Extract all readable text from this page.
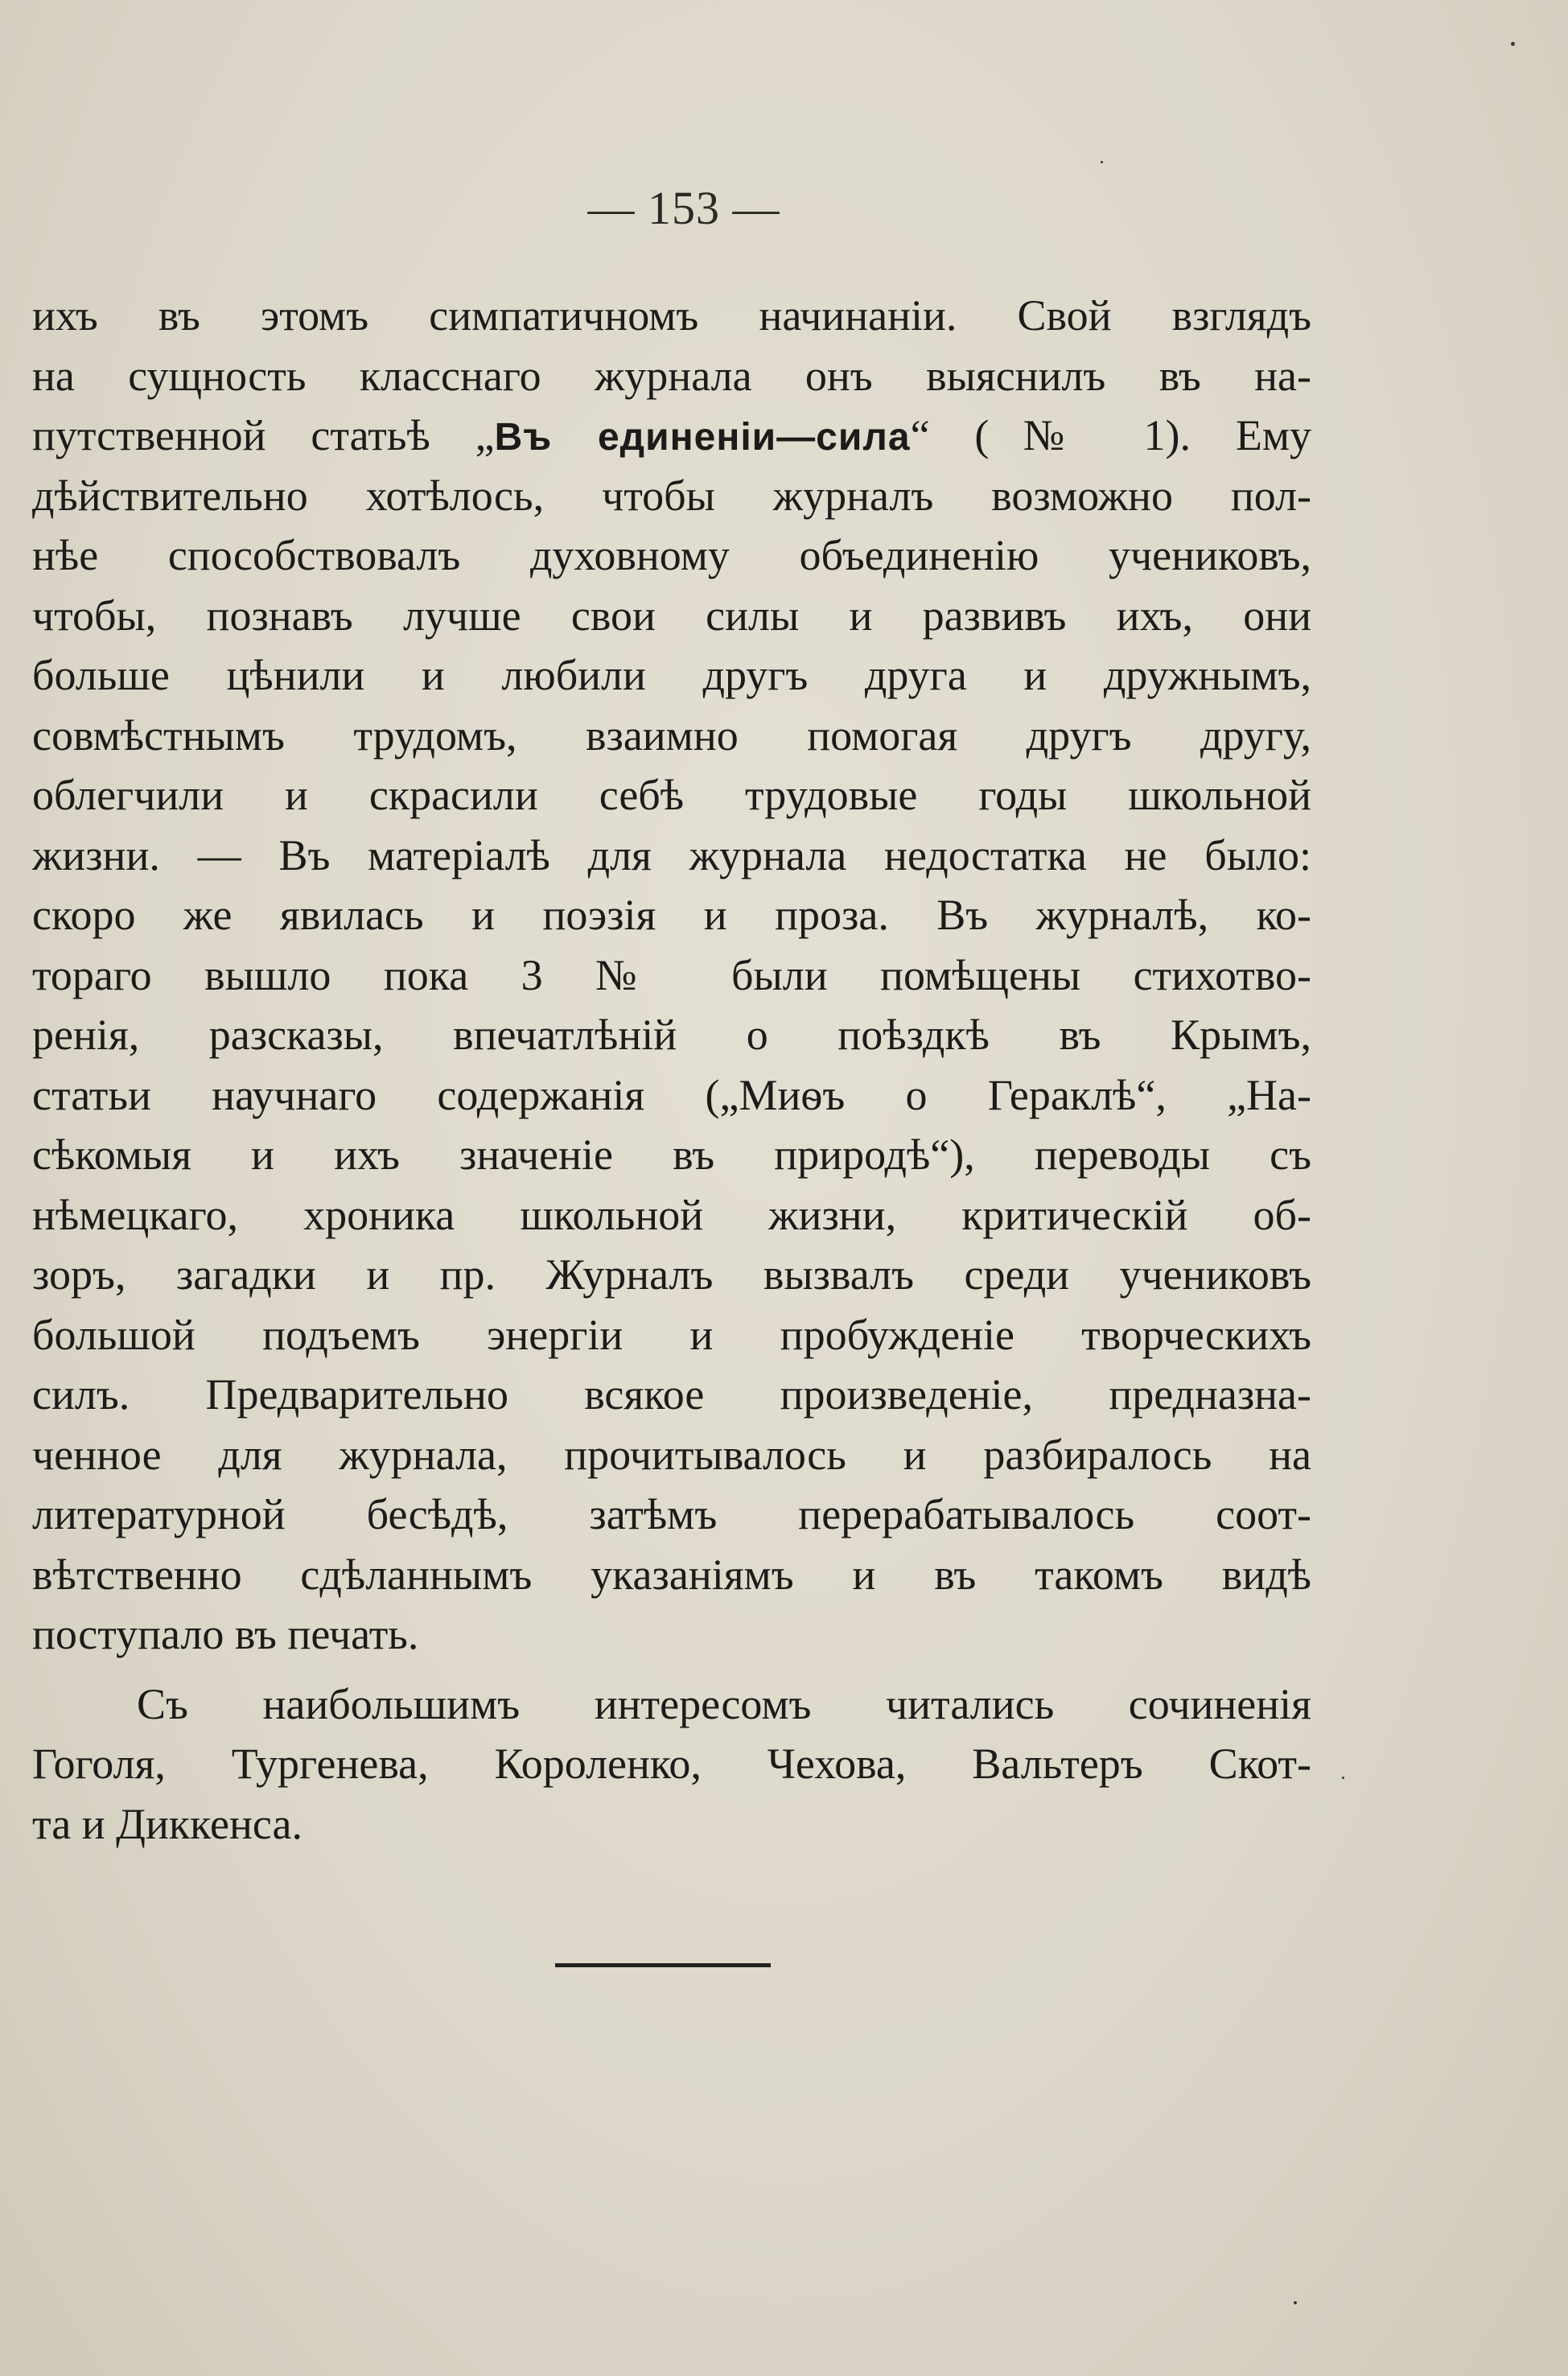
— 153 —
ихъ въ этомъ симпатичномъ начинаніи. Свой взглядъ
на сущность класснаго журнала онъ выяснилъ въ на-
путственной статьѣ „Въ единеніи—сила“ (№ 1). Ему
дѣйствительно хотѣлось, чтобы журналъ возможно пол-
нѣе способствовалъ духовному объединенію учениковъ,
чтобы, познавъ лучше свои силы и развивъ ихъ, они
больше цѣнили и любили другъ друга и дружнымъ,
совмѣстнымъ трудомъ, взаимно помогая другъ другу,
облегчили и скрасили себѣ трудовые годы школьной
жизни. — Въ матеріалѣ для журнала недостатка не было:
скоро же явилась и поэзія и проза. Въ журналѣ, ко-
тораго вышло пока 3 № были помѣщены стихотво-
ренія, разсказы, впечатлѣній о поѣздкѣ въ Крымъ,
статьи научнаго содержанія („Миѳъ о Гераклѣ“, „На-
сѣкомыя и ихъ значеніе въ природѣ“), переводы съ
нѣмецкаго, хроника школьной жизни, критическій об-
зоръ, загадки и пр. Журналъ вызвалъ среди учениковъ
большой подъемъ энергіи и пробужденіе творческихъ
силъ. Предварительно всякое произведеніе, предназна-
ченное для журнала, прочитывалось и разбиралось на
литературной бесѣдѣ, затѣмъ перерабатывалось соот-
вѣтственно сдѣланнымъ указаніямъ и въ такомъ видѣ
поступало въ печать.
Съ наибольшимъ интересомъ читались сочиненія
Гоголя, Тургенева, Короленко, Чехова, Вальтеръ Скот-
та и Диккенса.
